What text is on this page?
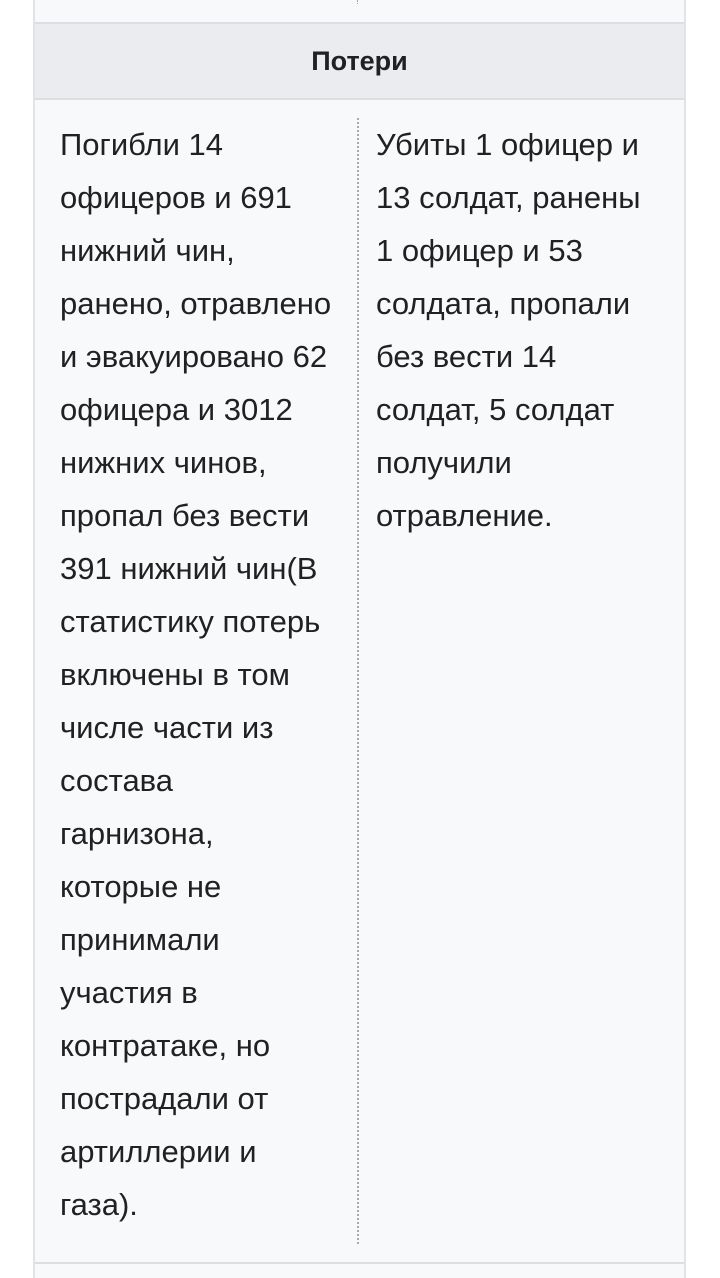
Потери
Погибли 14
офицеров и 691
нижний чин,
ранено, отравлено
и эвакуировано 62
офицера и 3012
нижних чинов,
пропал без вести
391 нижний чин(В
статистику потерь
включены в том
числе части из
состава
гарнизона,
которые не
принимали
участия в
контратаке, но
пострадали от
артиллерии и
газа).
Убиты 1 офицер и
13 солдат, ранены
1 офицер и 53
солдата, пропали
без вести 14
солдат, 5 солдат
получили
отравление.
